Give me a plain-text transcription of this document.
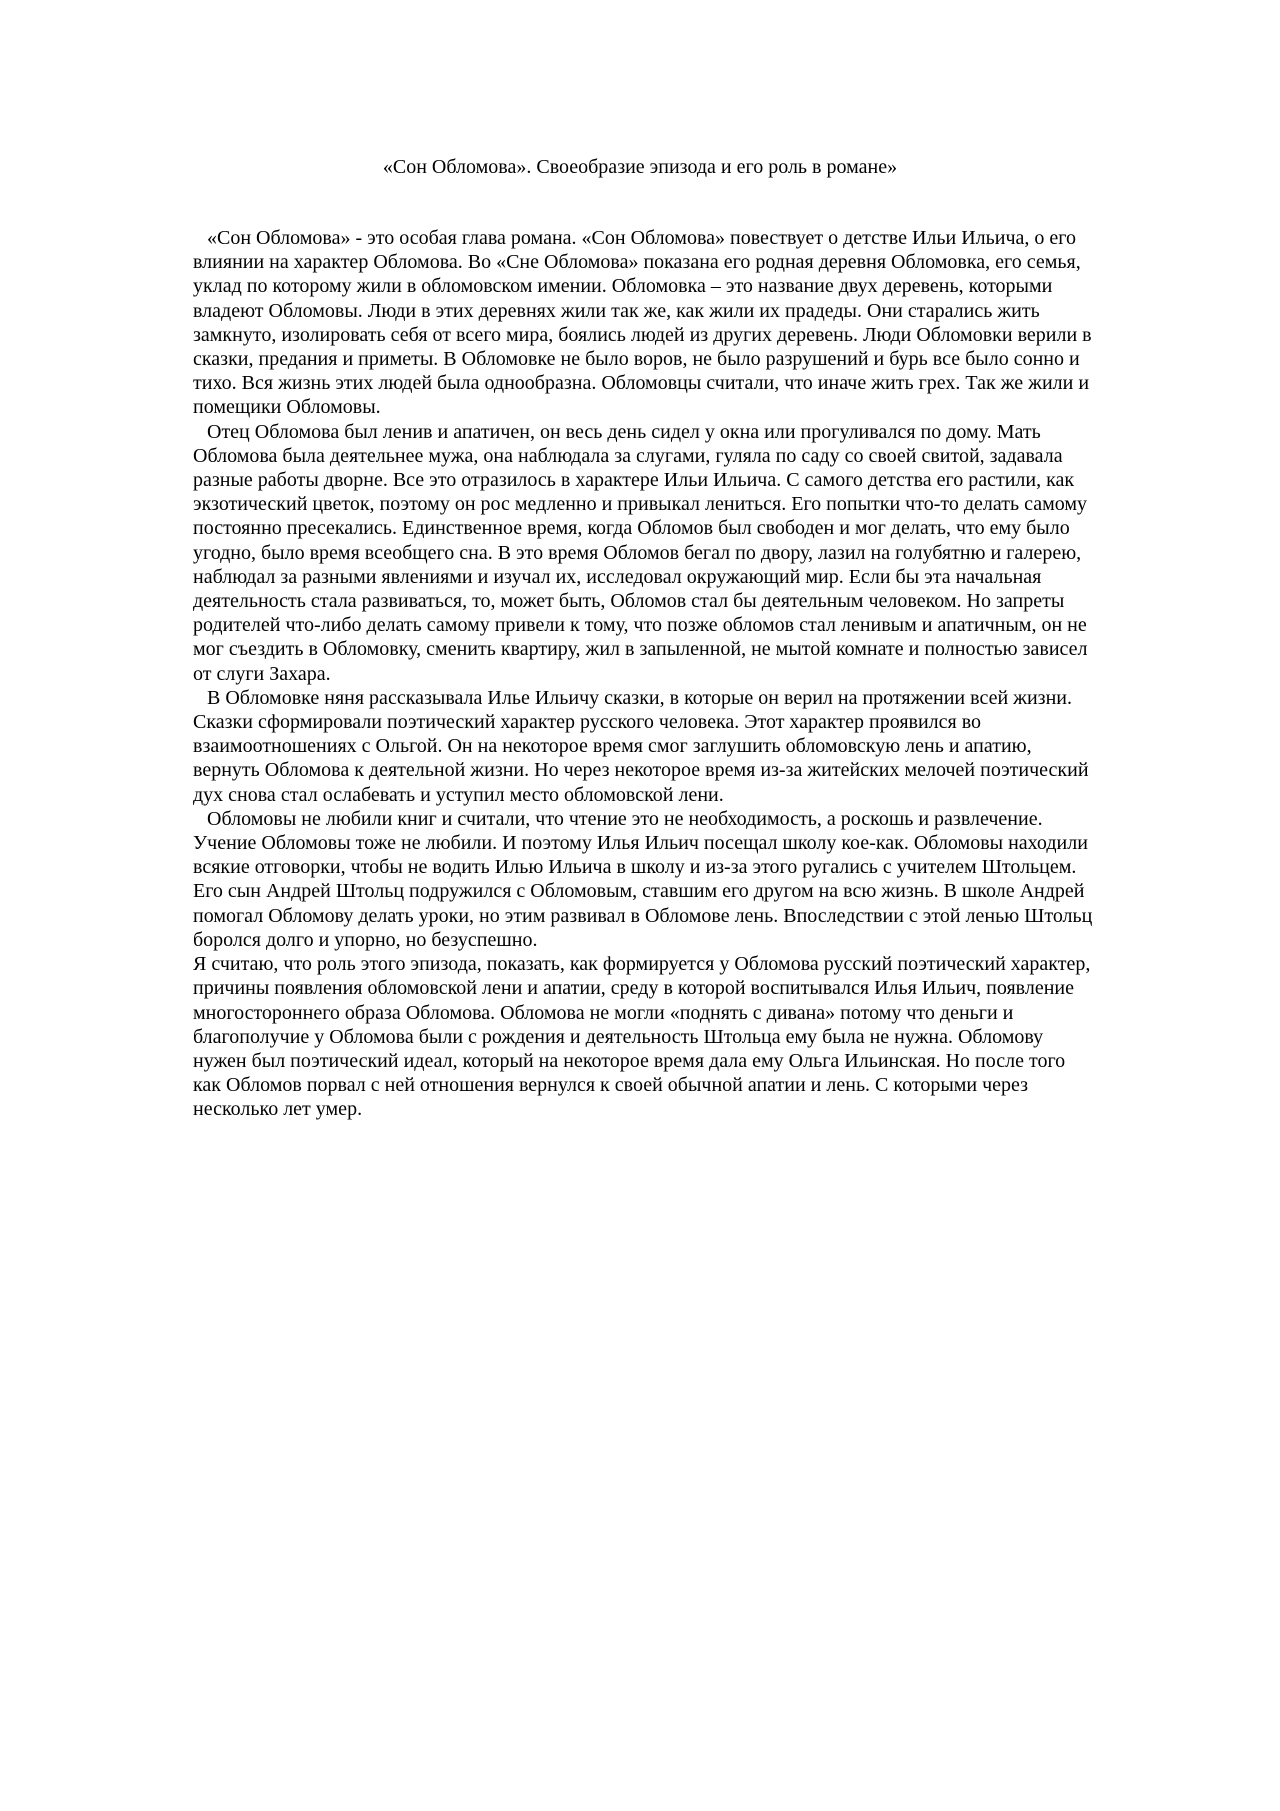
«Сон Обломова». Своеобразие эпизода и его роль в романе»

«Сон Обломова» - это особая глава романа. «Сон Обломова» повествует о детстве Ильи Ильича, о его влиянии на характер Обломова. Во «Сне Обломова» показана его родная деревня Обломовка, его семья, уклад по которому жили в обломовском имении. Обломовка – это название двух деревень, которыми владеют Обломовы. Люди в этих деревнях жили так же, как жили их прадеды. Они старались жить замкнуто, изолировать себя от всего мира, боялись людей из других деревень. Люди Обломовки верили в сказки, предания и приметы. В Обломовке не было воров, не было разрушений и бурь все было сонно и тихо. Вся жизнь этих людей была однообразна. Обломовцы считали, что иначе жить грех. Так же жили и помещики Обломовы.

Отец Обломова был ленив и апатичен, он весь день сидел у окна или прогуливался по дому. Мать Обломова была деятельнее мужа, она наблюдала за слугами, гуляла по саду со своей свитой, задавала разные работы дворне. Все это отразилось в характере Ильи Ильича. С самого детства его растили, как экзотический цветок, поэтому он рос медленно и привыкал лениться. Его попытки что-то делать самому постоянно пресекались. Единственное время, когда Обломов был свободен и мог делать, что ему было угодно, было время всеобщего сна. В это время Обломов бегал по двору, лазил на голубятню и галерею, наблюдал за разными явлениями и изучал их, исследовал окружающий мир. Если бы эта начальная деятельность стала развиваться, то, может быть, Обломов стал бы деятельным человеком. Но запреты родителей что-либо делать самому привели к тому, что позже обломов стал ленивым и апатичным, он не мог съездить в Обломовку, сменить квартиру, жил в запыленной, не мытой комнате и полностью зависел от слуги Захара.

В Обломовке няня рассказывала Илье Ильичу сказки, в которые он верил на протяжении всей жизни. Сказки сформировали поэтический характер русского человека. Этот характер проявился во взаимоотношениях с Ольгой. Он на некоторое время смог заглушить обломовскую лень и апатию, вернуть Обломова к деятельной жизни. Но через некоторое время из-за житейских мелочей поэтический дух снова стал ослабевать и уступил место обломовской лени.

Обломовы не любили книг и считали, что чтение это не необходимость, а роскошь и развлечение. Учение Обломовы тоже не любили. И поэтому Илья Ильич посещал школу кое-как. Обломовы находили всякие отговорки, чтобы не водить Илью Ильича в школу и из-за этого ругались с учителем Штольцем. Его сын Андрей Штольц подружился с Обломовым, ставшим его другом на всю жизнь. В школе Андрей помогал Обломову делать уроки, но этим развивал в Обломове лень. Впоследствии с этой ленью Штольц боролся долго и упорно, но безуспешно.

Я считаю, что роль этого эпизода, показать, как формируется у Обломова русский поэтический характер, причины появления обломовской лени и апатии, среду в которой воспитывался Илья Ильич, появление многостороннего образа Обломова. Обломова не могли «поднять с дивана» потому что деньги и благополучие у Обломова были с рождения и деятельность Штольца ему была не нужна. Обломову нужен был поэтический идеал, который на некоторое время дала ему Ольга Ильинская. Но после того как Обломов порвал с ней отношения вернулся к своей обычной апатии и лень. С которыми через несколько лет умер.
